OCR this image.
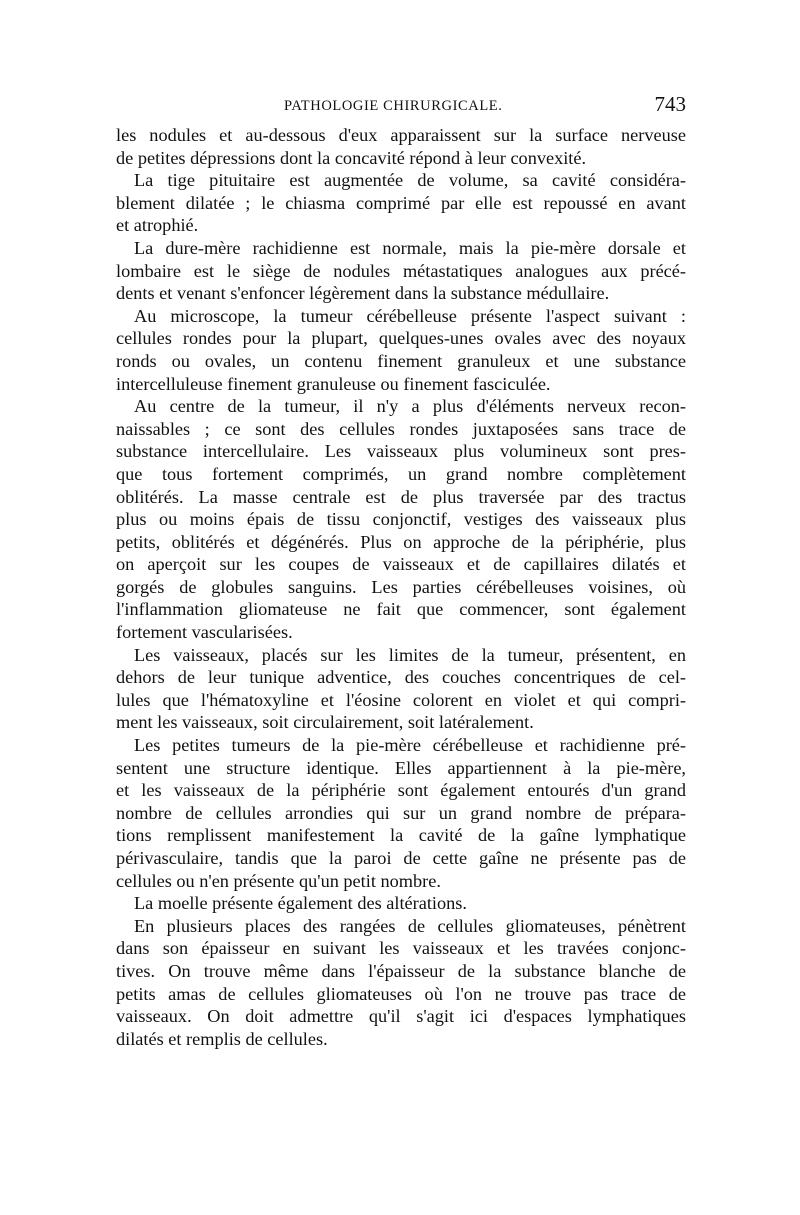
PATHOLOGIE CHIRURGICALE.	743

les nodules et au-dessous d'eux apparaissent sur la surface nerveuse
de petites dépressions dont la concavité répond à leur convexité.

La tige pituitaire est augmentée de volume, sa cavité considéra-
blement dilatée ; le chiasma comprimé par elle est repoussé en avant
et atrophié.

La dure-mère rachidienne est normale, mais la pie-mère dorsale et
lombaire est le siège de nodules métastatiques analogues aux précé-
dents et venant s'enfoncer légèrement dans la substance médullaire.

Au microscope, la tumeur cérébelleuse présente l'aspect suivant :
cellules rondes pour la plupart, quelques-unes ovales avec des noyaux
ronds ou ovales, un contenu finement granuleux et une substance
intercelluleuse finement granuleuse ou finement fasciculée.

Au centre de la tumeur, il n'y a plus d'éléments nerveux recon-
naissables ; ce sont des cellules rondes juxtaposées sans trace de
substance intercellulaire. Les vaisseaux plus volumineux sont pres-
que tous fortement comprimés, un grand nombre complètement
oblitérés. La masse centrale est de plus traversée par des tractus
plus ou moins épais de tissu conjonctif, vestiges des vaisseaux plus
petits, oblitérés et dégénérés. Plus on approche de la périphérie, plus
on aperçoit sur les coupes de vaisseaux et de capillaires dilatés et
gorgés de globules sanguins. Les parties cérébelleuses voisines, où
l'inflammation gliomateuse ne fait que commencer, sont également
fortement vascularisées.

Les vaisseaux, placés sur les limites de la tumeur, présentent, en
dehors de leur tunique adventice, des couches concentriques de cel-
lules que l'hématoxyline et l'éosine colorent en violet et qui compri-
ment les vaisseaux, soit circulairement, soit latéralement.

Les petites tumeurs de la pie-mère cérébelleuse et rachidienne pré-
sentent une structure identique. Elles appartiennent à la pie-mère,
et les vaisseaux de la périphérie sont également entourés d'un grand
nombre de cellules arrondies qui sur un grand nombre de prépara-
tions remplissent manifestement la cavité de la gaîne lymphatique
périvasculaire, tandis que la paroi de cette gaîne ne présente pas de
cellules ou n'en présente qu'un petit nombre.

La moelle présente également des altérations.

En plusieurs places des rangées de cellules gliomateuses, pénètrent
dans son épaisseur en suivant les vaisseaux et les travées conjonc-
tives. On trouve même dans l'épaisseur de la substance blanche de
petits amas de cellules gliomateuses où l'on ne trouve pas trace de
vaisseaux. On doit admettre qu'il s'agit ici d'espaces lymphatiques
dilatés et remplis de cellules.
